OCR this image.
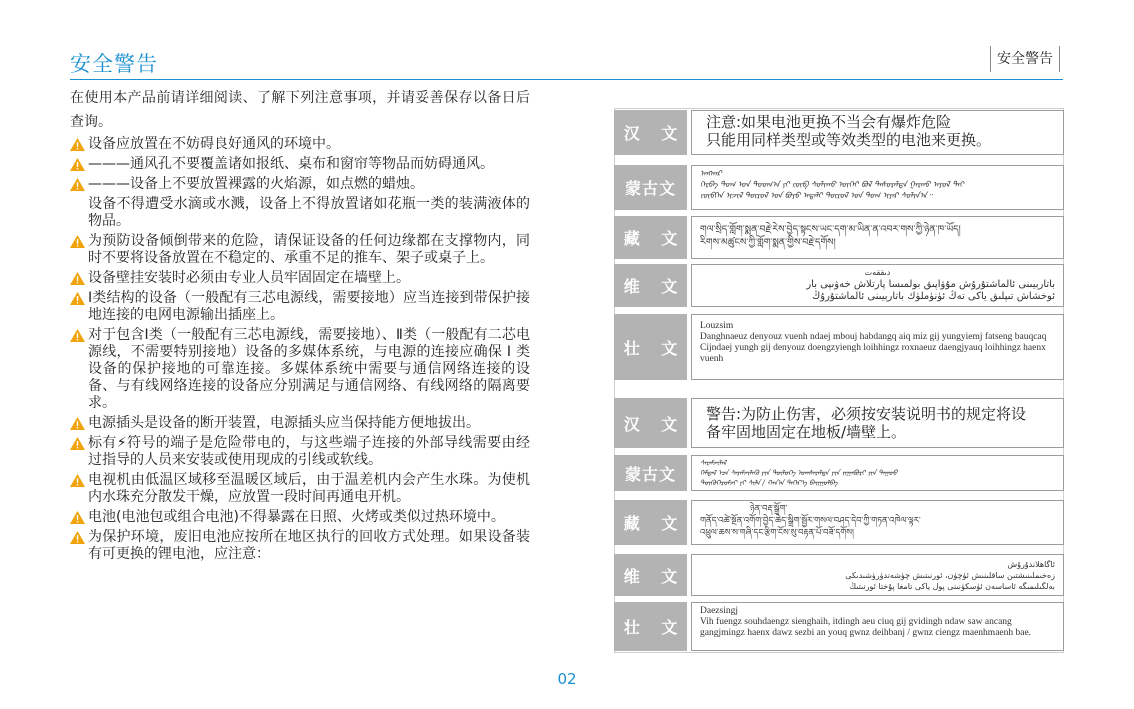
安全警告	安全警告

在使用本产品前请详细阅读、了解下列注意事项，并请妥善保存以备日后查询。

设备应放置在不妨碍良好通风的环境中。

———通风孔不要覆盖诸如报纸、桌布和窗帘等物品而妨碍通风。

———设备上不要放置裸露的火焰源，如点燃的蜡烛。

设备不得遭受水滴或水溅，设备上不得放置诸如花瓶一类的装满液体的物品。

为预防设备倾倒带来的危险，请保证设备的任何边缘都在支撑物内，同时不要将设备放置在不稳定的、承重不足的推车、架子或桌子上。

设备壁挂安装时必须由专业人员牢固固定在墙壁上。

Ⅰ类结构的设备（一般配有三芯电源线，需要接地）应当连接到带保护接地连接的电网电源输出插座上。

对于包含Ⅰ类（一般配有三芯电源线，需要接地）、Ⅱ类（一般配有二芯电源线，不需要特别接地）设备的多媒体系统，与电源的连接应确保 Ⅰ 类设备的保护接地的可靠连接。多媒体系统中需要与通信网络连接的设备、与有线网络连接的设备应分别满足与通信网络、有线网络的隔离要求。

电源插头是设备的断开装置，电源插头应当保持能方便地拔出。

标有⚡符号的端子是危险带电的，与这些端子连接的外部导线需要由经过指导的人员来安装或使用现成的引线或软线。

电视机由低温区域移至温暖区域后，由于温差机内会产生水珠。为使机内水珠充分散发干燥，应放置一段时间再通电开机。

电池(电池包或组合电池)不得暴露在日照、火烤或类似过热环境中。

为保护环境，废旧电池应按所在地区执行的回收方式处理。如果设备装有可更换的锂电池，应注意：

汉 文
注意:如果电池更换不当会有爆炸危险
只能用同样类型或等效类型的电池来更换。
蒙古文
ᠠᠩᠬᠠᠷ
ᠬᠡᠷᠪᠡ ᠲᠤᠭ ᠤᠨ ᠳᠣᠤᠭ᠎ᠠ ᠶᠢ ᠵᠦᠪ ᠰᠣᠯᠢᠬᠤ ᠦᠭᠡᠢ ᠪᠣᠯ ᠲᠡᠰᠦᠷᠡᠯᠲᠡ ᠭᠠᠷᠬᠤ ᠠᠶᠤᠯ ᠲᠠᠢ
ᠵᠥᠪᠬᠡᠨ ᠢᠵᠢᠯ ᠲᠥᠷᠥᠯ ᠤᠨ ᠪᠤᠶᠤ ᠠᠳᠠᠯᠢ ᠲᠥᠷᠥᠯ ᠤᠨ ᠲᠤᠭ ᠢᠶᠠᠷ ᠰᠣᠯᠢᠨ᠎ᠠ᠃
藏 文 གལ་སྲིད་གློག་སྨན་བརྗེ་རེས་བྱེད་སྟངས་ཡང་དག་མ་ཡིན་ན་འབར་གས་ཀྱི་ཉེན་ཁ་ཡོད།
རིགས་མཚུངས་ཀྱི་གློག་སྨན་གྱིས་བརྗེ་དགོས།
维 文
دىققەت
باتارېيىنى ئالماشتۇرۇش مۇۋاپىق بولمىسا پارتلاش خەۋىپى بار
ئوخشاش تىپلىق ياكى تەڭ ئۈنۈملۈك باتارېيىنى ئالماشتۇرۇڭ
壮 文
Louzsim
Danghnaeuz denyouz vuenh ndaej mbouj habdangq aiq miz gij yungyiemj fatseng bauqcaq
Cijndaej yungh gij denyouz doengzyiengh loihhingz roxnaeuz daengjyauq loihhingz haenx vuenh
汉 文
警告:为防止伤害，必须按安装说明书的规定将设
备牢固地固定在地板/墙壁上。
蒙古文
ᠰᠡᠷᠡᠮᠵᠢᠯᠡᠯ
ᠭᠡᠮᠲᠡᠯ ᠡᠴᠡ ᠰᠡᠷᠡᠮᠵᠢᠯᠡᠬᠦ ᠶᠢᠨ ᠲᠥᠯᠥᠭᠡ ᠤᠭᠰᠠᠷᠠᠯᠲᠠ ᠶᠢᠨ ᠵᠢᠭᠠᠪᠤᠷᠢ ᠶᠢᠨ ᠳᠠᠭᠤᠤ
ᠲᠥᠭᠦᠭᠡᠷᠦᠮᠵᠢ ᠶᠢ ᠰᠢᠯᠠ / ᠬᠠᠨ᠎ᠠ ᠳᠡᠭᠡᠷ᠎ᠡ ᠪᠠᠢᠭᠤᠯᠪᠠ
藏 文
ཉེན་བརྡ་སྒྲོག་
གནོད་འཚེ་སྔོན་འགོག་བྱེད་ཆེད་སྒྲིག་སྦྱོར་གསལ་བཤད་དེབ་ཀྱི་གཏན་འཁེལ་ལྟར་
འཕྲུལ་ཆས་ས་གཞི་དང་རྩིག་ངོས་སུ་བརྟན་པོ་བཟོ་དགོས།
维 文
ئاگاھلاندۇرۇش
زەخىملىنىشتىن ساقلىنىش ئۈچۈن، ئورنىتىش چۈشەندۈرۈشىدىكى
بەلگىلىمىگە ئاساسەن ئۈسكۈنىنى پول ياكى تامغا پۇختا ئورنىتىڭ
壮 文
Daezsingj
Vih fuengz souhdaengz sienghaih, itdingh aeu ciuq gij gvidingh ndaw saw ancang gangjmingz haenx dawz sezbi an youq gwnz deihbanj / gwnz ciengz maenhmaenh bae.
02
